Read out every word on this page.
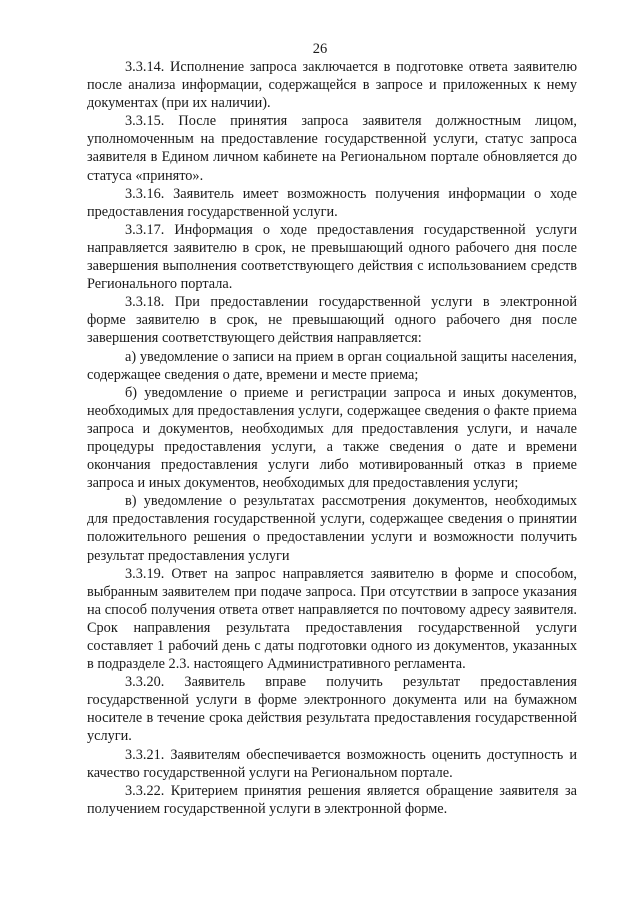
26

3.3.14. Исполнение запроса заключается в подготовке ответа заявителю после анализа информации, содержащейся в запросе и приложенных к нему документах (при их наличии).

3.3.15. После принятия запроса заявителя должностным лицом, уполномоченным на предоставление государственной услуги, статус запроса заявителя в Едином личном кабинете на Региональном портале обновляется до статуса «принято».

3.3.16. Заявитель имеет возможность получения информации о ходе предоставления государственной услуги.

3.3.17. Информация о ходе предоставления государственной услуги направляется заявителю в срок, не превышающий одного рабочего дня после завершения выполнения соответствующего действия с использованием средств Регионального портала.

3.3.18. При предоставлении государственной услуги в электронной форме заявителю в срок, не превышающий одного рабочего дня после завершения соответствующего действия направляется:

а) уведомление о записи на прием в орган социальной защиты населения, содержащее сведения о дате, времени и месте приема;

б) уведомление о приеме и регистрации запроса и иных документов, необходимых для предоставления услуги, содержащее сведения о факте приема запроса и документов, необходимых для предоставления услуги, и начале процедуры предоставления услуги, а также сведения о дате и времени окончания предоставления услуги либо мотивированный отказ в приеме запроса и иных документов, необходимых для предоставления услуги;

в) уведомление о результатах рассмотрения документов, необходимых для предоставления государственной услуги, содержащее сведения о принятии положительного решения о предоставлении услуги и возможности получить результат предоставления услуги

3.3.19. Ответ на запрос направляется заявителю в форме и способом, выбранным заявителем при подаче запроса. При отсутствии в запросе указания на способ получения ответа ответ направляется по почтовому адресу заявителя. Срок направления результата предоставления государственной услуги составляет 1 рабочий день с даты подготовки одного из документов, указанных в подразделе 2.3. настоящего Административного регламента.

3.3.20. Заявитель вправе получить результат предоставления государственной услуги в форме электронного документа или на бумажном носителе в течение срока действия результата предоставления государственной услуги.

3.3.21. Заявителям обеспечивается возможность оценить доступность и качество государственной услуги на Региональном портале.

3.3.22. Критерием принятия решения является обращение заявителя за получением государственной услуги в электронной форме.
